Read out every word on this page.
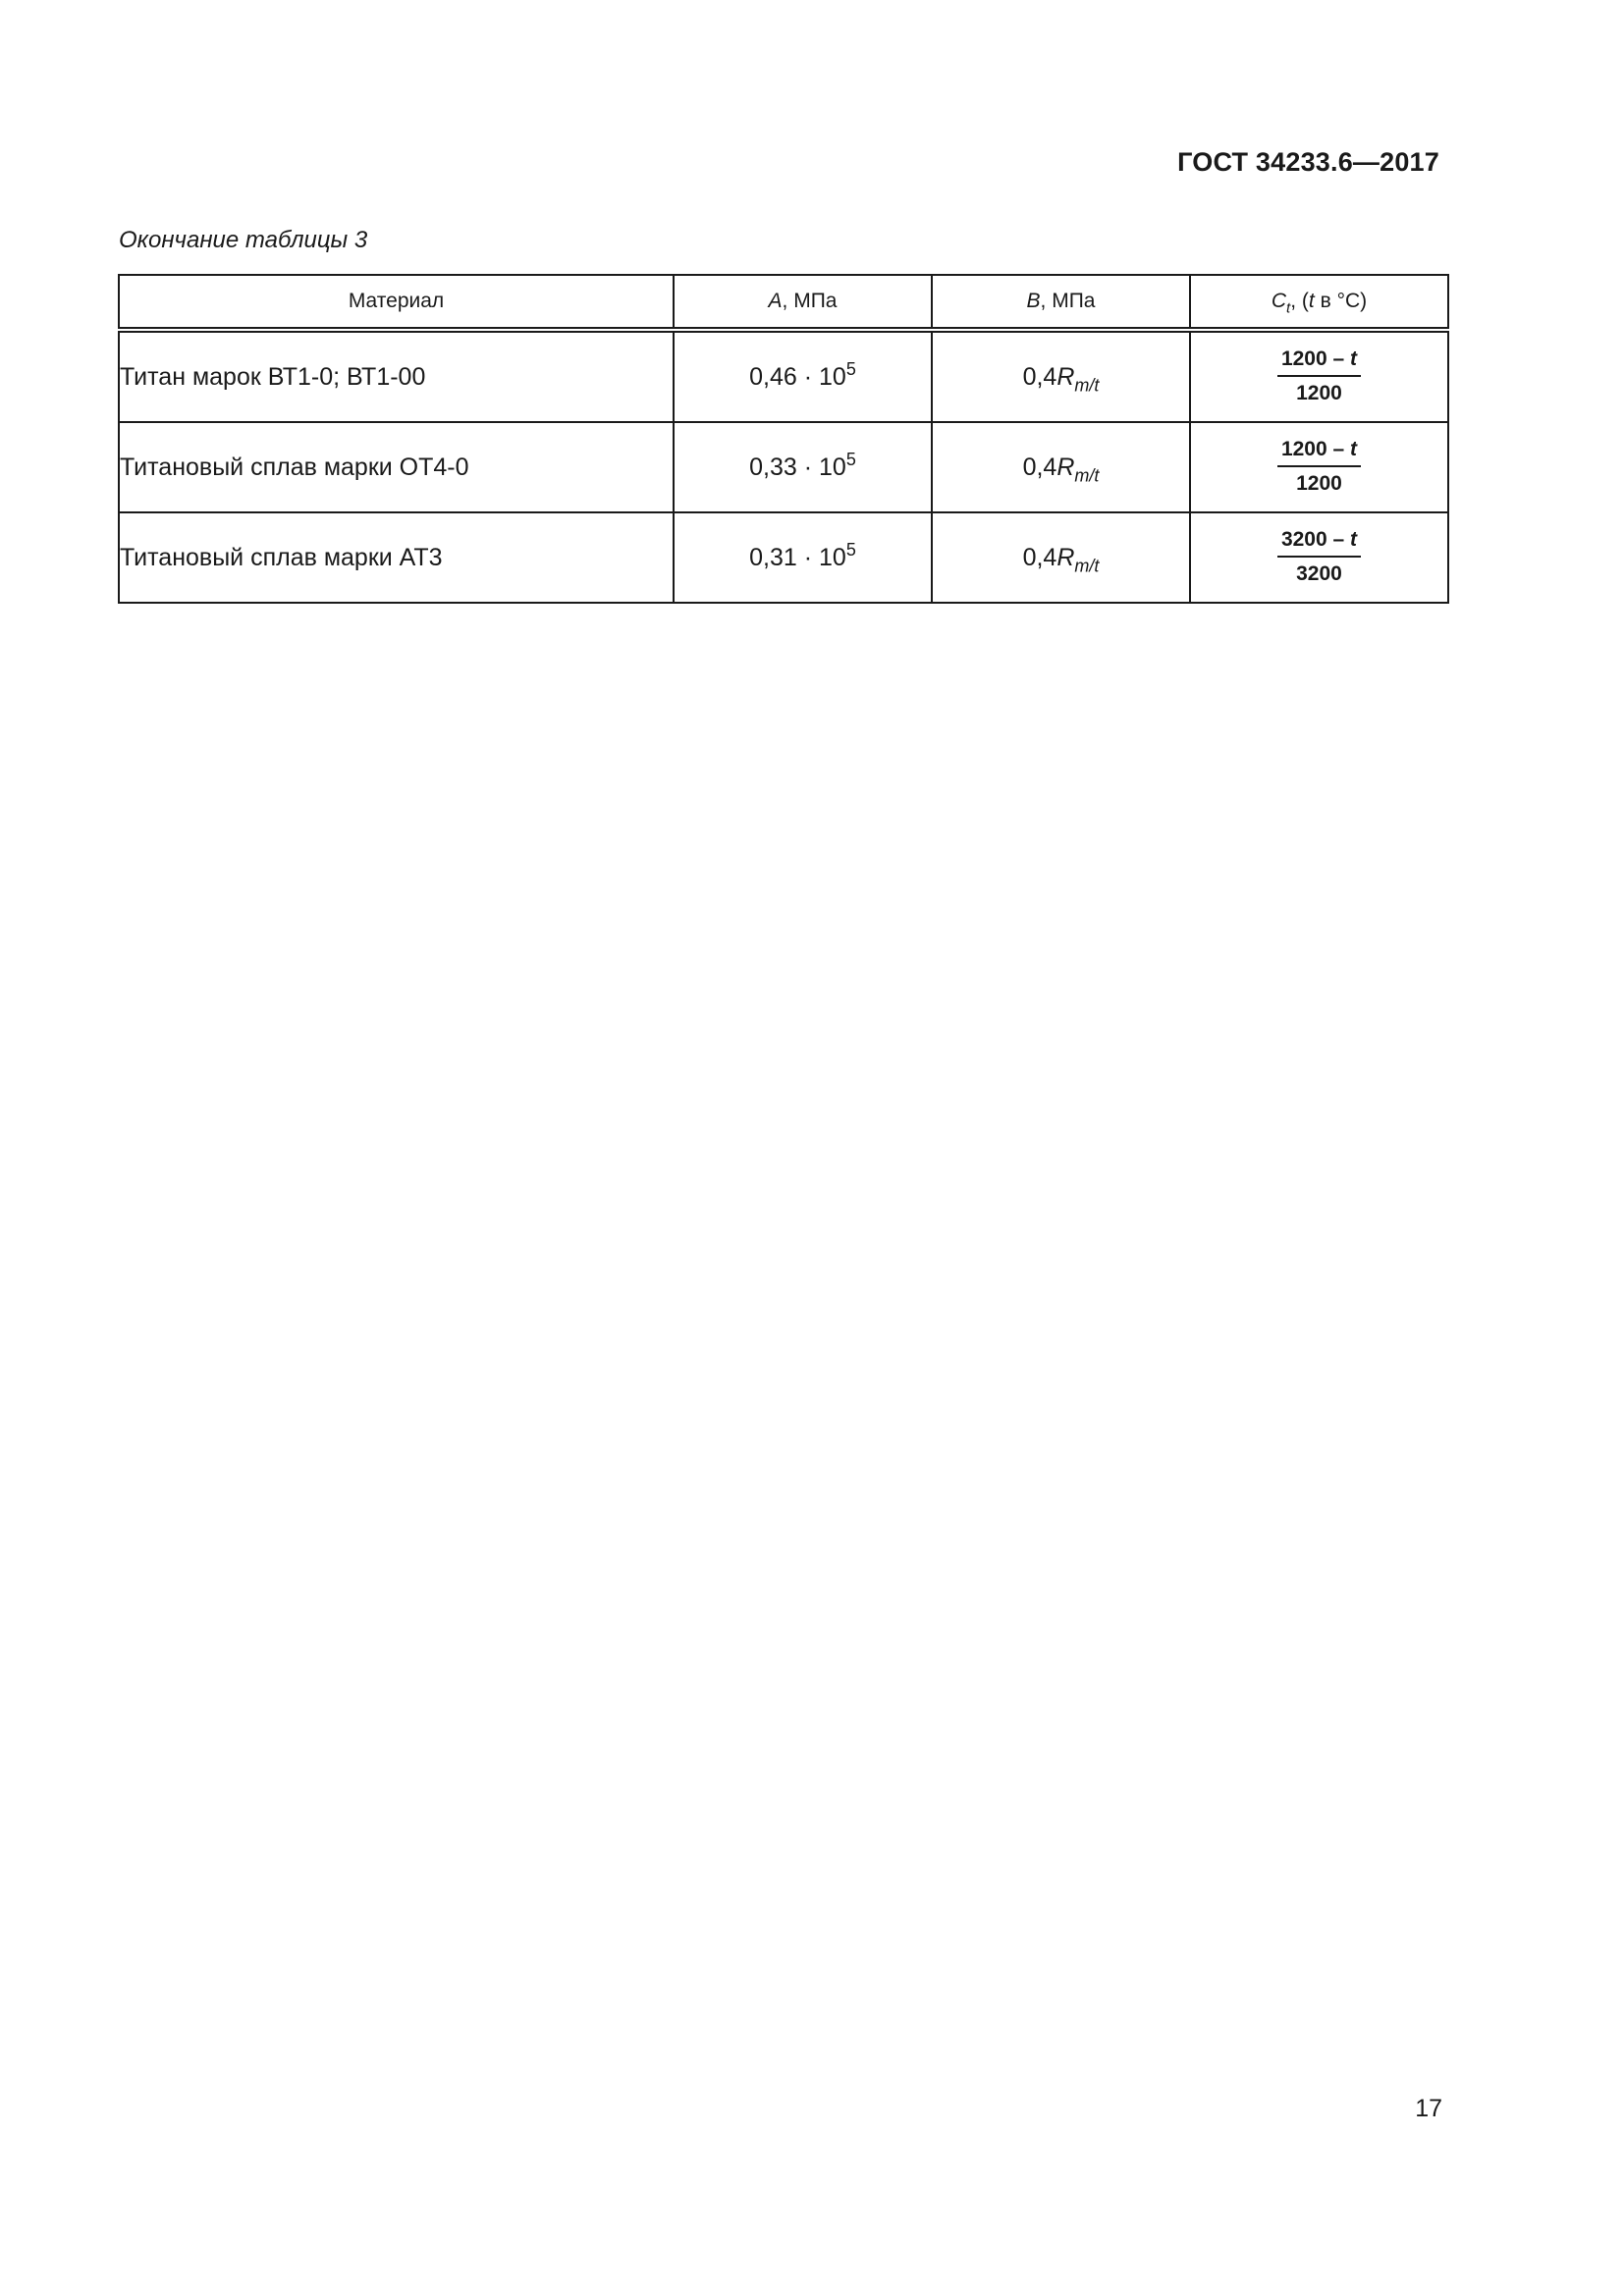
ГОСТ 34233.6—2017
Окончание таблицы 3
Материал	A, МПа	B, МПа	$C_t$, (t в °C)
Титан марок ВТ1-0; ВТ1-00	$0,46 \cdot 10^5$	$0,4R_{m/t}$	$\frac{1200 - t}{1200}$

Титановый сплав марки ОТ4-0	$0,33 \cdot 10^5$	$0,4R_{m/t}$	$\frac{1200 - t}{1200}$

Титановый сплав марки АТ3	$0,31 \cdot 10^5$	$0,4R_{m/t}$	$\frac{3200 - t}{3200}$
17
